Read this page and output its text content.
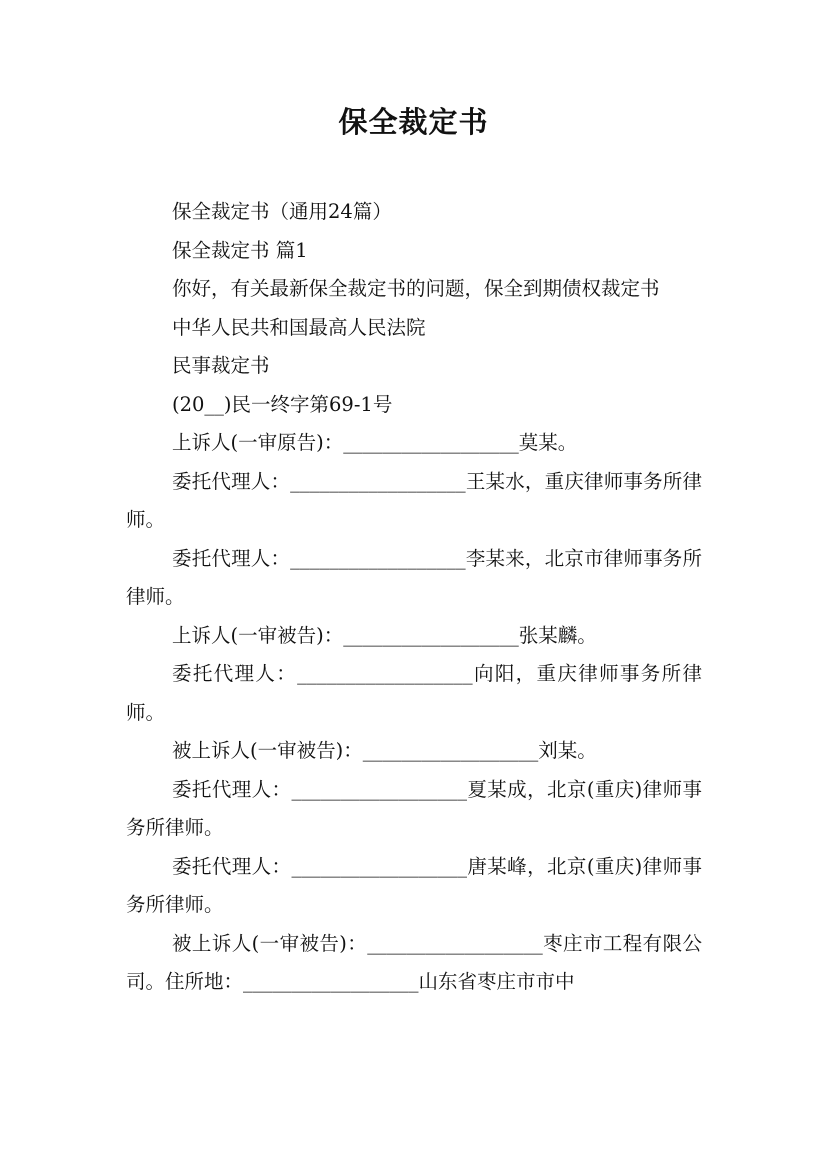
保全裁定书

保全裁定书（通用24篇）

保全裁定书 篇1

你好，有关最新保全裁定书的问题，保全到期债权裁定书

中华人民共和国最高人民法院

民事裁定书

(20__)民一终字第69-1号

上诉人(一审原告)：__________________莫某。

委托代理人：__________________王某水，重庆律师事务所律师。

委托代理人：__________________李某来，北京市律师事务所律师。

上诉人(一审被告)：__________________张某麟。

委托代理人：__________________向阳，重庆律师事务所律师。

被上诉人(一审被告)：__________________刘某。

委托代理人：__________________夏某成，北京(重庆)律师事务所律师。

委托代理人：__________________唐某峰，北京(重庆)律师事务所律师。

被上诉人(一审被告)：__________________枣庄市工程有限公司。住所地：__________________山东省枣庄市市中
